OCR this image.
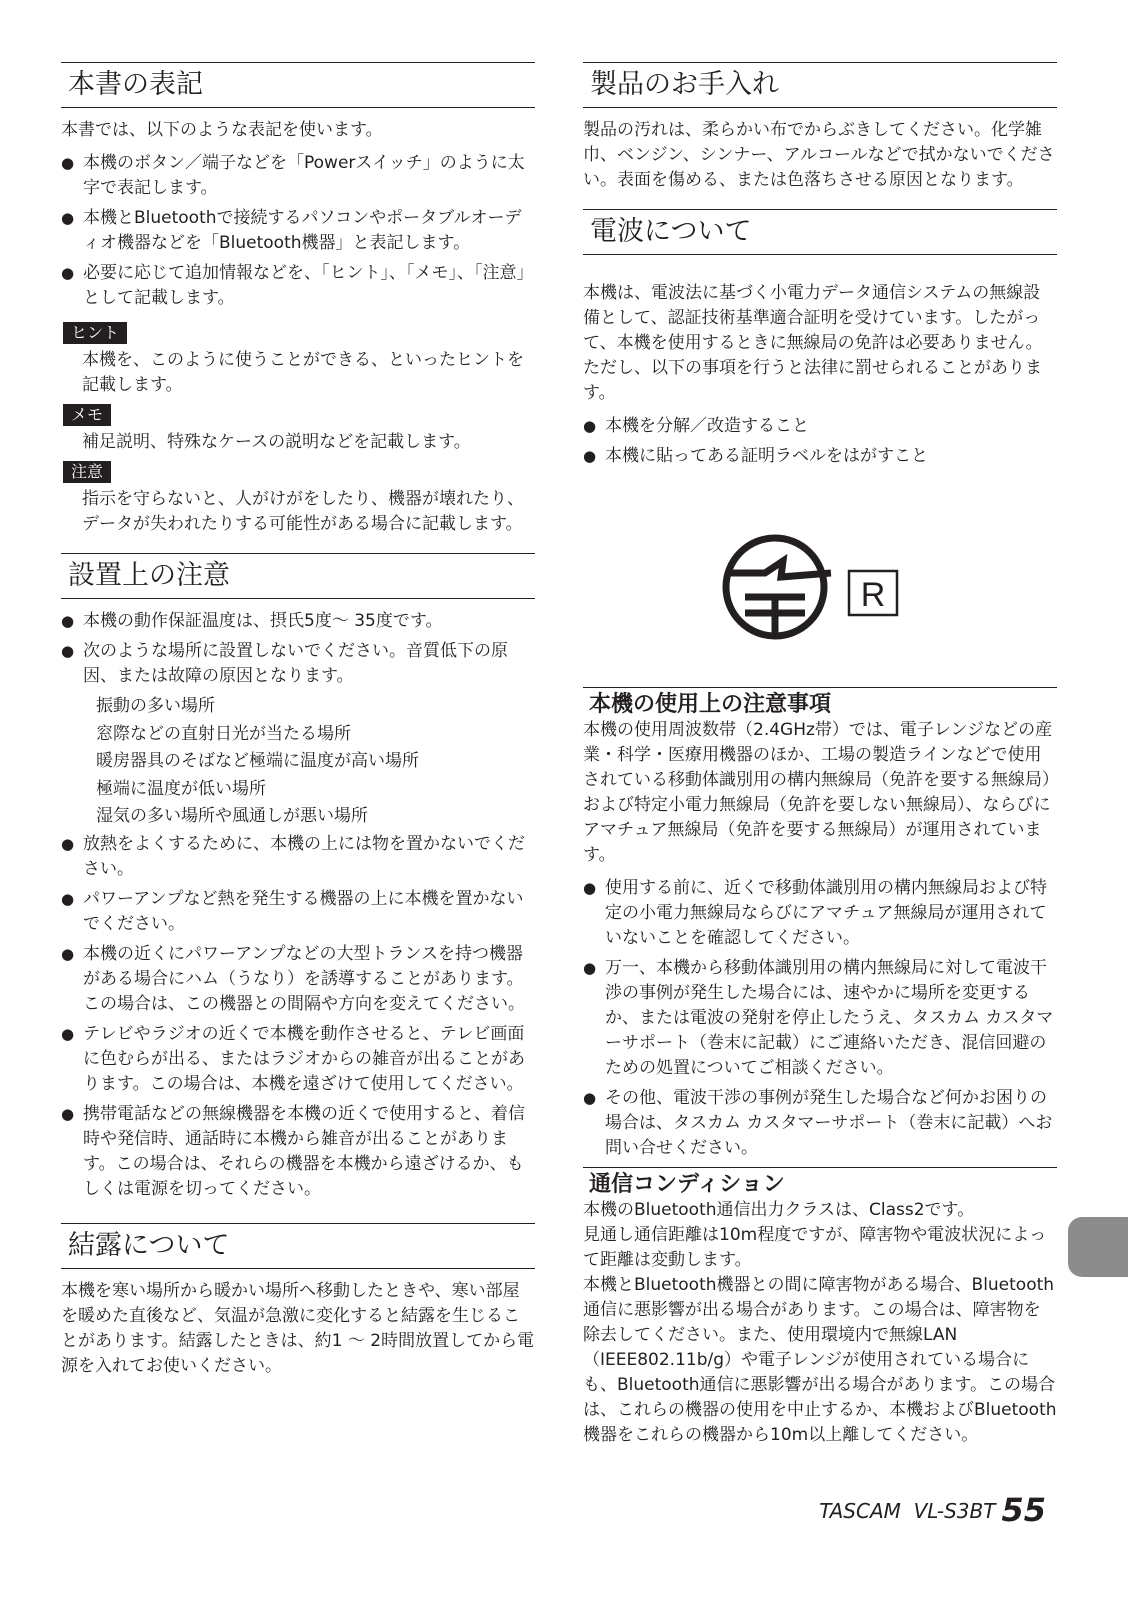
本書の表記

本書では、以下のような表記を使います。

● 本機のボタン／端子などを「Powerスイッチ」のように太字で表記します。
● 本機とBluetoothで接続するパソコンやポータブルオーディオ機器などを「Bluetooth機器」と表記します。
● 必要に応じて追加情報などを、「ヒント」、「メモ」、「注意」として記載します。
ヒント

本機を、このように使うことができる、といったヒントを記載します。

メモ

補足説明、特殊なケースの説明などを記載します。

注意

指示を守らないと、人がけがをしたり、機器が壊れたり、データが失われたりする可能性がある場合に記載します。

設置上の注意
● 本機の動作保証温度は、摂氏5度～ 35度です。
● 次のような場所に設置しないでください。音質低下の原因、または故障の原因となります。

振動の多い場所

窓際などの直射日光が当たる場所

暖房器具のそばなど極端に温度が高い場所

極端に温度が低い場所

湿気の多い場所や風通しが悪い場所

● 放熱をよくするために、本機の上には物を置かないでください。
● パワーアンプなど熱を発生する機器の上に本機を置かないでください。
● 本機の近くにパワーアンプなどの大型トランスを持つ機器がある場合にハム（うなり）を誘導することがあります。この場合は、この機器との間隔や方向を変えてください。
● テレビやラジオの近くで本機を動作させると、テレビ画面に色むらが出る、またはラジオからの雑音が出ることがあります。この場合は、本機を遠ざけて使用してください。
● 携帯電話などの無線機器を本機の近くで使用すると、着信時や発信時、通話時に本機から雑音が出ることがあります。この場合は、それらの機器を本機から遠ざけるか、もしくは電源を切ってください。
結露について

本機を寒い場所から暖かい場所へ移動したときや、寒い部屋を暖めた直後など、気温が急激に変化すると結露を生じることがあります。結露したときは、約1 ～ 2時間放置してから電源を入れてお使いください。

製品のお手入れ

製品の汚れは、柔らかい布でからぶきしてください。化学雑巾、ベンジン、シンナー、アルコールなどで拭かないでください。表面を傷める、または色落ちさせる原因となります。

電波について

本機は、電波法に基づく小電力データ通信システムの無線設備として、認証技術基準適合証明を受けています。したがって、本機を使用するときに無線局の免許は必要ありません。

ただし、以下の事項を行うと法律に罰せられることがあります。

● 本機を分解／改造すること
● 本機に貼ってある証明ラベルをはがすこと
R
本機の使用上の注意事項

本機の使用周波数帯（2.4GHz帯）では、電子レンジなどの産業・科学・医療用機器のほか、工場の製造ラインなどで使用されている移動体識別用の構内無線局（免許を要する無線局）および特定小電力無線局（免許を要しない無線局）、ならびにアマチュア無線局（免許を要する無線局）が運用されています。

● 使用する前に、近くで移動体識別用の構内無線局および特定の小電力無線局ならびにアマチュア無線局が運用されていないことを確認してください。
● 万一、本機から移動体識別用の構内無線局に対して電波干渉の事例が発生した場合には、速やかに場所を変更するか、または電波の発射を停止したうえ、タスカム カスタマーサポート（巻末に記載）にご連絡いただき、混信回避のための処置についてご相談ください。
● その他、電波干渉の事例が発生した場合など何かお困りの場合は、タスカム カスタマーサポート（巻末に記載）へお問い合せください。
通信コンディション

本機のBluetooth通信出力クラスは、Class2です。

見通し通信距離は10m程度ですが、障害物や電波状況によって距離は変動します。

本機とBluetooth機器との間に障害物がある場合、Bluetooth通信に悪影響が出る場合があります。この場合は、障害物を除去してください。また、使用環境内で無線LAN（IEEE802.11b/g）や電子レンジが使用されている場合にも、Bluetooth通信に悪影響が出る場合があります。この場合は、これらの機器の使用を中止するか、本機およびBluetooth機器をこれらの機器から10m以上離してください。

TASCAM  VL-S3BT 55
